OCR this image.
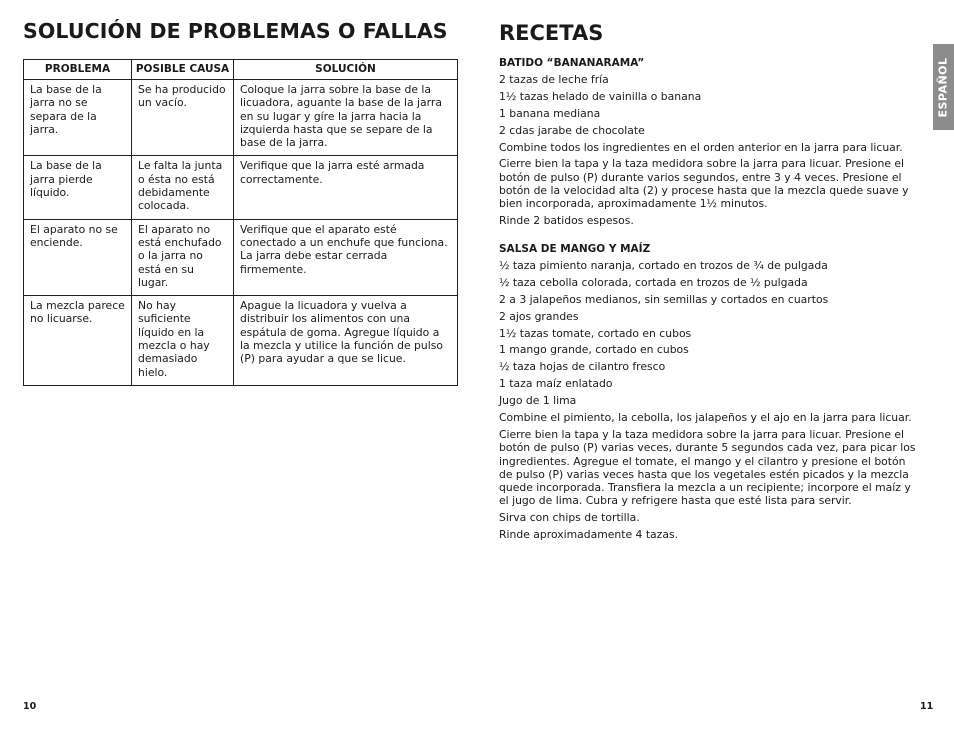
SOLUCIÓN DE PROBLEMAS O FALLAS
PROBLEMA	POSIBLE CAUSA	SOLUCIÓN
La base de la jarra no se separa de la jarra.	Se ha producido un vacío.	Coloque la jarra sobre la base de la licuadora, aguante la base de la jarra en su lugar y gíre la jarra hacia la izquierda hasta que se separe de la base de la jarra.
La base de la jarra pierde líquido.	Le falta la junta o ésta no está debidamente colocada.	Verifique que la jarra esté armada correctamente.
El aparato no se enciende.	El aparato no está enchufado o la jarra no está en su lugar.	Verifique que el aparato esté conectado a un enchufe que funciona. La jarra debe estar cerrada firmemente.
La mezcla parece no licuarse.	No hay suficiente líquido en la mezcla o hay demasiado hielo.	Apague la licuadora y vuelva a distribuir los alimentos con una espátula de goma. Agregue líquido a la mezcla y utilice la función de pulso (P) para ayudar a que se licue.
RECETAS

BATIDO “BANANARAMA”

2 tazas de leche fría

1½ tazas helado de vainilla o banana

1 banana mediana

2 cdas jarabe de chocolate

Combine todos los ingredientes en el orden anterior en la jarra para licuar.

Cierre bien la tapa y la taza medidora sobre la jarra para licuar. Presione el botón de pulso (P) durante varios segundos, entre 3 y 4 veces. Presione el botón de la velocidad alta (2) y procese hasta que la mezcla quede suave y bien incorporada, aproximadamente 1½ minutos.

Rinde 2 batidos espesos.

SALSA DE MANGO Y MAÍZ

½ taza pimiento naranja, cortado en trozos de ¾ de pulgada

½ taza cebolla colorada, cortada en trozos de ½ pulgada

2 a 3 jalapeños medianos, sin semillas y cortados en cuartos

2 ajos grandes

1½ tazas tomate, cortado en cubos

1 mango grande, cortado en cubos

½ taza hojas de cilantro fresco

1 taza maíz enlatado

Jugo de 1 lima

Combine el pimiento, la cebolla, los jalapeños y el ajo en la jarra para licuar.

Cierre bien la tapa y la taza medidora sobre la jarra para licuar. Presione el botón de pulso (P) varias veces, durante 5 segundos cada vez, para picar los ingredientes. Agregue el tomate, el mango y el cilantro y presione el botón de pulso (P) varias veces hasta que los vegetales estén picados y la mezcla quede incorporada. Transfiera la mezcla a un recipiente; incorpore el maíz y el jugo de lima. Cubra y refrigere hasta que esté lista para servir.

Sirva con chips de tortilla.

Rinde aproximadamente 4 tazas.

ESPAÑOL
10	11
